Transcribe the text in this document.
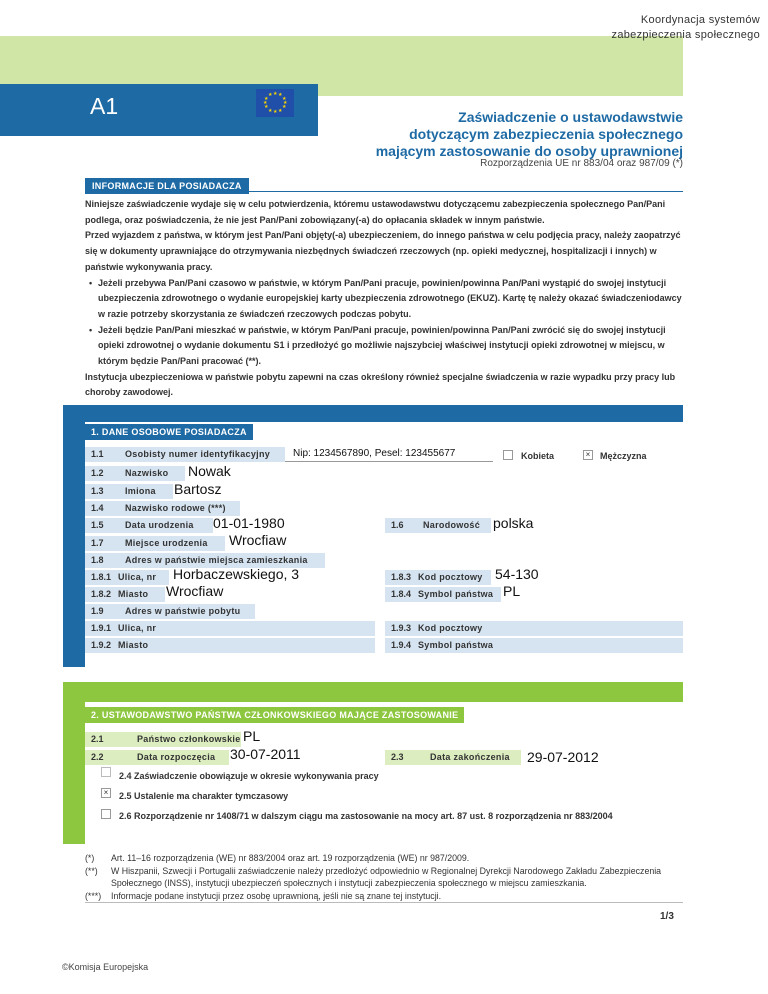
Koordynacja systemów
zabezpieczenia społecznego
A1	★ ★
★
★
★
★
★
★
★
★
★
★
Zaświadczenie o ustawodawstwie
dotyczącym zabezpieczenia społecznego
mającym zastosowanie do osoby uprawnionej
Rozporządzenia UE nr 883/04 oraz 987/09 (*)
INFORMACJE DLA POSIADACZA

Niniejsze zaświadczenie wydaje się w celu potwierdzenia, któremu ustawodawstwu dotyczącemu zabezpieczenia społecznego Pan/Pani podlega, oraz poświadczenia, że nie jest Pan/Pani zobowiązany(-a) do opłacania składek w innym państwie.

Przed wyjazdem z państwa, w którym jest Pan/Pani objęty(-a) ubezpieczeniem, do innego państwa w celu podjęcia pracy, należy zaopatrzyć się w dokumenty uprawniające do otrzymywania niezbędnych świadczeń rzeczowych (np. opieki medycznej, hospitalizacji i innych) w państwie wykonywania pracy.

• Jeżeli przebywa Pan/Pani czasowo w państwie, w którym Pan/Pani pracuje, powinien/powinna Pan/Pani wystąpić do swojej instytucji ubezpieczenia zdrowotnego o wydanie europejskiej karty ubezpieczenia zdrowotnego (EKUZ). Kartę tę należy okazać świadczeniodawcy w razie potrzeby skorzystania ze świadczeń rzeczowych podczas pobytu.

• Jeżeli będzie Pan/Pani mieszkać w państwie, w którym Pan/Pani pracuje, powinien/powinna Pan/Pani zwrócić się do swojej instytucji opieki zdrowotnej o wydanie dokumentu S1 i przedłożyć go możliwie najszybciej właściwej instytucji opieki zdrowotnej w miejscu, w którym będzie Pan/Pani pracować (**).

Instytucja ubezpieczeniowa w państwie pobytu zapewni na czas określony również specjalne świadczenia w razie wypadku przy pracy lub choroby zawodowej.

1. DANE OSOBOWE POSIADACZA
1.1 Osobisty numer identyfikacyjny Nip: 1234567890, Pesel: 123455677	Kobieta	× Mężczyzna
1.2 Nazwisko Nowak
1.3 Imiona Bartosz
1.4 Nazwisko rodowe (***)
1.5 Data urodzenia 01-01-1980	1.6 Narodowość polska
1.7 Miejsce urodzenia Wrocfiaw
1.8 Adres w państwie miejsca zamieszkania
1.8.1 Ulica, nr Horbaczewskiego, 3	1.8.3 Kod pocztowy 54-130
1.8.2 Miasto Wrocfiaw	1.8.4 Symbol państwa PL
1.9 Adres w państwie pobytu
1.9.1 Ulica, nr	1.9.3 Kod pocztowy
1.9.2 Miasto	1.9.4 Symbol państwa
2. USTAWODAWSTWO PAŃSTWA CZŁONKOWSKIEGO MAJĄCE ZASTOSOWANIE
2.1	Państwo członkowskie PL
2.2	Data rozpoczęcia 30-07-2011	2.3	Data zakończenia 29-07-2012
2.4 Zaświadczenie obowiązuje w okresie wykonywania pracy
× 2.5 Ustalenie ma charakter tymczasowy
2.6 Rozporządzenie nr 1408/71 w dalszym ciągu ma zastosowanie na mocy art. 87 ust. 8 rozporządzenia nr 883/2004
(*) Art. 11–16 rozporządzenia (WE) nr 883/2004 oraz art. 19 rozporządzenia (WE) nr 987/2009.
(**) W Hiszpanii, Szwecji i Portugalii zaświadczenie należy przedłożyć odpowiednio w Regionalnej Dyrekcji Narodowego Zakładu Zabezpieczenia Społecznego (INSS), instytucji ubezpieczeń społecznych i instytucji zabezpieczenia społecznego w miejscu zamieszkania.
(***) Informacje podane instytucji przez osobę uprawnioną, jeśli nie są znane tej instytucji.
1/3
©Komisja Europejska
